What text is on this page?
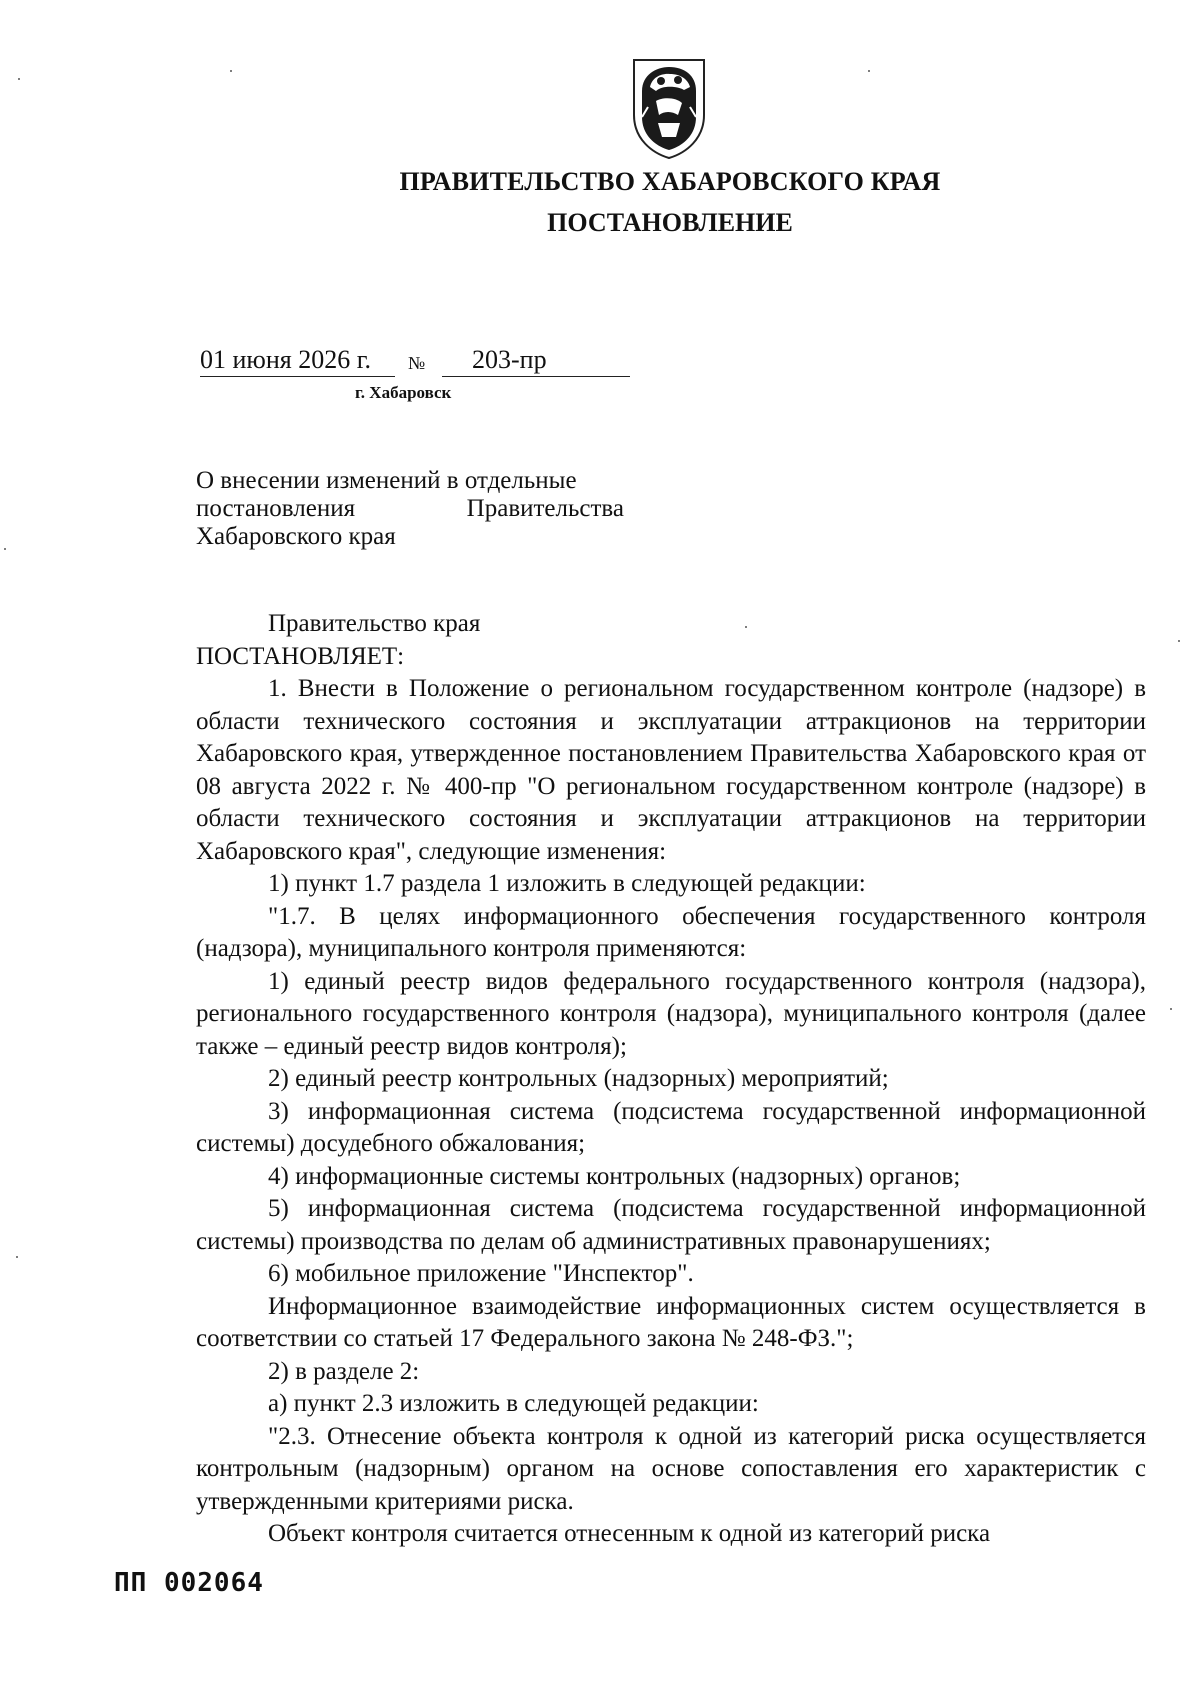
ПРАВИТЕЛЬСТВО ХАБАРОВСКОГО КРАЯ
ПОСТАНОВЛЕНИЕ
01 июня 2026 г. № 203-пр
г. Хабаровск
О внесении изменений в отдельные
постановления	Правительства
Хабаровского края

Правительство края

ПОСТАНОВЛЯЕТ:

1. Внести в Положение о региональном государственном контроле (надзоре) в области технического состояния и эксплуатации аттракционов на территории Хабаровского края, утвержденное постановлением Правительства Хабаровского края от 08 августа 2022 г. № 400-пр "О региональном государственном контроле (надзоре) в области технического состояния и эксплуатации аттракционов на территории Хабаровского края", следующие изменения:

1) пункт 1.7 раздела 1 изложить в следующей редакции:

"1.7. В целях информационного обеспечения государственного контроля (надзора), муниципального контроля применяются:

1) единый реестр видов федерального государственного контроля (надзора), регионального государственного контроля (надзора), муниципального контроля (далее также – единый реестр видов контроля);

2) единый реестр контрольных (надзорных) мероприятий;

3) информационная система (подсистема государственной информационной системы) досудебного обжалования;

4) информационные системы контрольных (надзорных) органов;

5) информационная система (подсистема государственной информационной системы) производства по делам об административных правонарушениях;

6) мобильное приложение "Инспектор".

Информационное взаимодействие информационных систем осуществляется в соответствии со статьей 17 Федерального закона № 248-ФЗ.";

2) в разделе 2:

а) пункт 2.3 изложить в следующей редакции:

"2.3. Отнесение объекта контроля к одной из категорий риска осуществляется контрольным (надзорным) органом на основе сопоставления его характеристик с утвержденными критериями риска.

Объект контроля считается отнесенным к одной из категорий риска

ПП 002064
